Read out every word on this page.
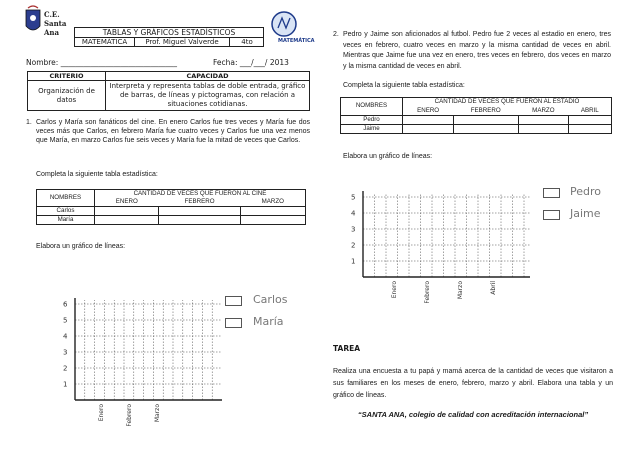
C.E. Santa Ana	TABLAS Y GRÁFICOS ESTADÍSTICOS
MATEMÁTICA	Prof. Miguel Valverde	4to	MATEMÁTICA
Nombre: _______________________________	Fecha: ___/___/ 2013
CRITERIO	CAPACIDAD
Organización de datos	Interpreta y representa tablas de doble entrada, gráfico de barras, de líneas y pictogramas, con relación a situaciones cotidianas.
1. Carlos y María son fanáticos del cine. En enero Carlos fue tres veces y María fue dos veces más que Carlos, en febrero María fue cuatro veces y Carlos fue una vez menos que María, en marzo Carlos fue seis veces y María fue la mitad de veces que Carlos.
Completa la siguiente tabla estadística:
NOMBRES	CANTIDAD DE VECES QUE FUERON AL CINE		
	ENERO	FEBRERO	MARZO
Carlos			
María			
Elabora un gráfico de líneas:
1
2
3
4
5
6
Enero	Febrero	Marzo
Carlos
María
2. Pedro y Jaime son aficionados al futbol. Pedro fue 2 veces al estadio en enero, tres veces en febrero, cuatro veces en marzo y la misma cantidad de veces en abril. Mientras que Jaime fue una vez en enero, tres veces en febrero, dos veces en marzo y la misma cantidad de veces en abril.
Completa la siguiente tabla estadística:
NOMBRES	CANTIDAD DE VECES QUE FUERON AL ESTADIO			
	ENERO	FEBRERO	MARZO	ABRIL
Pedro				
Jaime				
Elabora un gráfico de líneas:
1
2
3
4
5
Enero	Febrero	Marzo	Abril
Pedro
Jaime
TAREA
Realiza una encuesta a tu papá y mamá acerca de la cantidad de veces que visitaron a sus familiares en los meses de enero, febrero, marzo y abril. Elabora una tabla y un gráfico de líneas.
“SANTA ANA, colegio de calidad con acreditación internacional”
